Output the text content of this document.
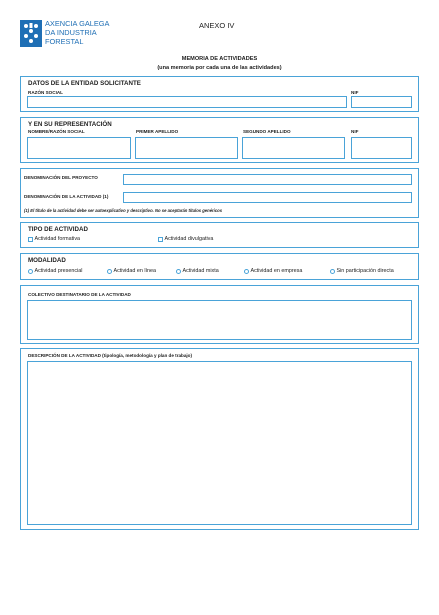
AXENCIA GALEGA
DA INDUSTRIA
FORESTAL
ANEXO IV
MEMORIA DE ACTIVIDADES
(una memoria por cada una de las actividades)
DATOS DE LA ENTIDAD SOLICITANTE
RAZÓN SOCIAL	NIF
Y EN SU REPRESENTACIÓN
NOMBRE/RAZÓN SOCIAL	PRIMER APELLIDO	SEGUNDO APELLIDO	NIF
DENOMINACIÓN DEL PROYECTO
DENOMINACIÓN DE LA ACTIVIDAD (1)
(1) El título de la actividad debe ser autoexplicativo y descriptivo. No se aceptarán títulos genéricos
TIPO DE ACTIVIDAD
Actividad formativa	Actividad divulgativa
MODALIDAD
Actividad presencial	Actividad en línea	Actividad mixta	Actividad en empresa	Sin participación directa
COLECTIVO DESTINATARIO DE LA ACTIVIDAD
DESCRIPCIÓN DE LA ACTIVIDAD (tipología, metodología y plan de trabajo)
